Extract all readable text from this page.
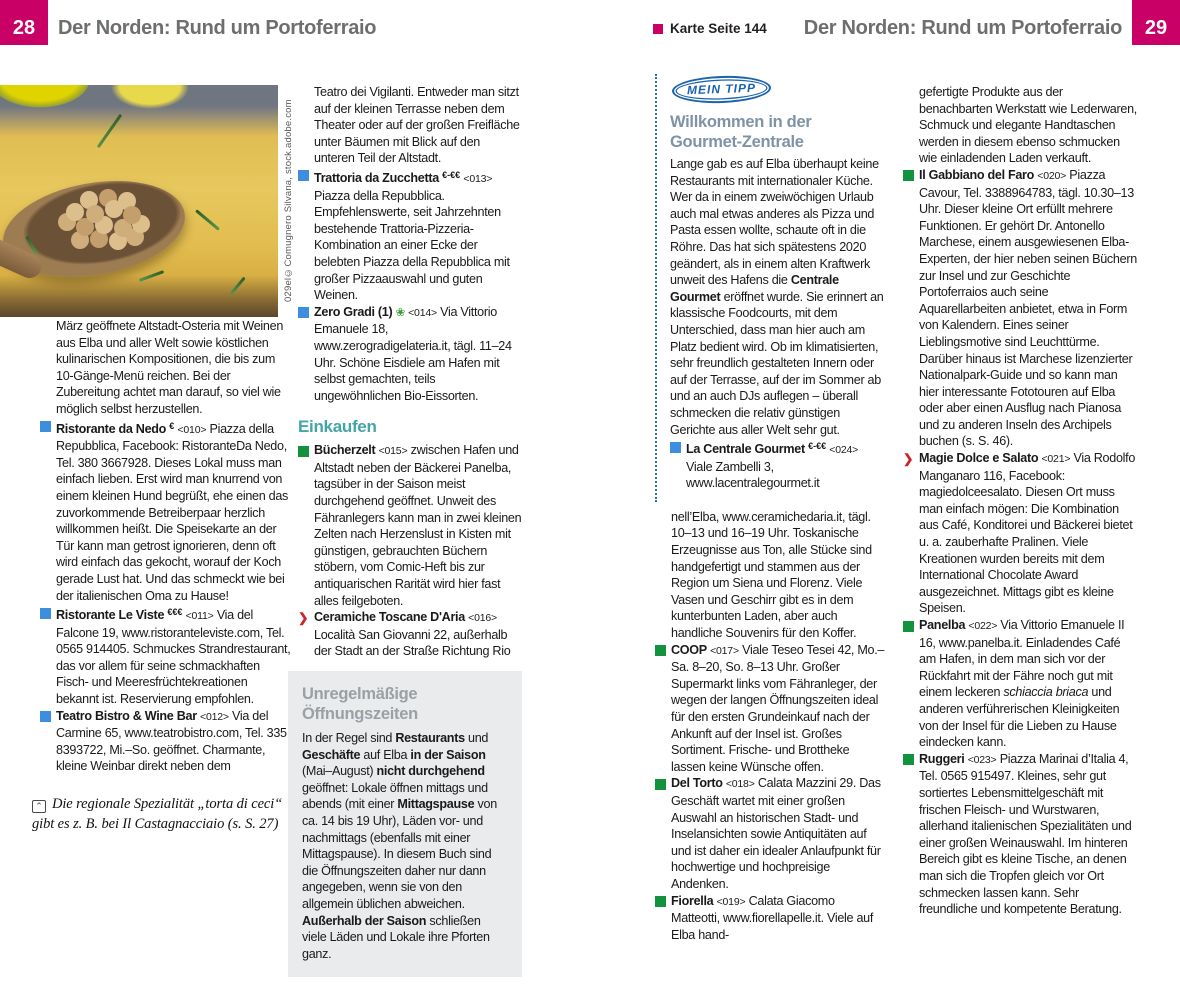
28	Der Norden: Rund um Portoferraio	Karte Seite 144 Der Norden: Rund um Portoferraio	29
029el©Comugnero Silvana, stock.adobe.com

März geöffnete Altstadt-Osteria mit Weinen aus Elba und aller Welt sowie köstlichen kulinarischen Kompositionen, die bis zum 10-Gänge-Menü reichen. Bei der Zubereitung achtet man darauf, so viel wie möglich selbst herzustellen.

Ristorante da Nedo € <010> Piazza della Repubblica, Facebook: RistoranteDa Nedo, Tel. 380 3667928. Dieses Lokal muss man einfach lieben. Erst wird man knurrend von einem kleinen Hund begrüßt, ehe einen das zuvorkommende Betreiberpaar herzlich willkommen heißt. Die Speisekarte an der Tür kann man getrost ignorieren, denn oft wird einfach das gekocht, worauf der Koch gerade Lust hat. Und das schmeckt wie bei der italienischen Oma zu Hause!

Ristorante Le Viste €€€ <011> Via del Falcone 19, www.ristoranteleviste.com, Tel. 0565 914405. Schmuckes Strandrestaurant, das vor allem für seine schmackhaften Fisch- und Meeresfrüchtekreationen bekannt ist. Reservierung empfohlen.

Teatro Bistro & Wine Bar <012> Via del Carmine 65, www.teatrobistro.com, Tel. 335 8393722, Mi.–So. geöffnet. Charmante, kleine Weinbar direkt neben dem

⌃ Die regionale Spezialität „torta di ceci“ gibt es z. B. bei Il Castagnacciaio (s. S. 27)

Teatro dei Vigilanti. Entweder man sitzt auf der kleinen Terrasse neben dem Theater oder auf der großen Freifläche unter Bäumen mit Blick auf den unteren Teil der Altstadt.

Trattoria da Zucchetta €-€€ <013> Piazza della Repubblica. Empfehlenswerte, seit Jahrzehnten bestehende Trattoria-Pizzeria-Kombination an einer Ecke der belebten Piazza della Repubblica mit großer Pizzaauswahl und guten Weinen.

Zero Gradi (1) ❀ <014> Via Vittorio Emanuele 18, www.zerogradigelateria.it, tägl. 11–24 Uhr. Schöne Eisdiele am Hafen mit selbst gemachten, teils ungewöhnlichen Bio-Eissorten.

Einkaufen

Bücherzelt <015> zwischen Hafen und Altstadt neben der Bäckerei Panelba, tagsüber in der Saison meist durchgehend geöffnet. Unweit des Fähranlegers kann man in zwei kleinen Zelten nach Herzenslust in Kisten mit günstigen, gebrauchten Büchern stöbern, vom Comic-Heft bis zur antiquarischen Rarität wird hier fast alles feilgeboten.

❯ Ceramiche Toscane D'Aria <016> Località San Giovanni 22, außerhalb der Stadt an der Straße Richtung Rio

Unregelmäßige Öffnungszeiten

In der Regel sind Restaurants und Geschäfte auf Elba in der Saison (Mai–August) nicht durchgehend geöffnet: Lokale öffnen mittags und abends (mit einer Mittagspause von ca. 14 bis 19 Uhr), Läden vor- und nachmittags (ebenfalls mit einer Mittagspause). In diesem Buch sind die Öffnungszeiten daher nur dann angegeben, wenn sie von den allgemein üblichen abweichen. Außerhalb der Saison schließen viele Läden und Lokale ihre Pforten ganz.

MEIN TIPP
Willkommen in der Gourmet-Zentrale

Lange gab es auf Elba überhaupt keine Restaurants mit internationaler Küche. Wer da in einem zweiwöchigen Urlaub auch mal etwas anderes als Pizza und Pasta essen wollte, schaute oft in die Röhre. Das hat sich spätestens 2020 geändert, als in einem alten Kraftwerk unweit des Hafens die Centrale Gourmet eröffnet wurde. Sie erinnert an klassische Foodcourts, mit dem Unterschied, dass man hier auch am Platz bedient wird. Ob im klimatisierten, sehr freundlich gestalteten Innern oder auf der Terrasse, auf der im Sommer ab und an auch DJs auflegen – überall schmecken die relativ günstigen Gerichte aus aller Welt sehr gut.

La Centrale Gourmet €-€€ <024> Viale Zambelli 3, www.lacentralegourmet.it

nell’Elba, www.ceramichedaria.it, tägl. 10–13 und 16–19 Uhr. Toskanische Erzeugnisse aus Ton, alle Stücke sind handgefertigt und stammen aus der Region um Siena und Florenz. Viele Vasen und Geschirr gibt es in dem kunterbunten Laden, aber auch handliche Souvenirs für den Koffer.

COOP <017> Viale Teseo Tesei 42, Mo.–Sa. 8–20, So. 8–13 Uhr. Großer Supermarkt links vom Fähranleger, der wegen der langen Öffnungszeiten ideal für den ersten Grundeinkauf nach der Ankunft auf der Insel ist. Großes Sortiment. Frische- und Brottheke lassen keine Wünsche offen.

Del Torto <018> Calata Mazzini 29. Das Geschäft wartet mit einer großen Auswahl an historischen Stadt- und Inselansichten sowie Antiquitäten auf und ist daher ein idealer Anlaufpunkt für hochwertige und hochpreisige Andenken.

Fiorella <019> Calata Giacomo Matteotti, www.fiorellapelle.it. Viele auf Elba hand-

gefertigte Produkte aus der benachbarten Werkstatt wie Lederwaren, Schmuck und elegante Handtaschen werden in diesem ebenso schmucken wie einladenden Laden verkauft.

Il Gabbiano del Faro <020> Piazza Cavour, Tel. 3388964783, tägl. 10.30–13 Uhr. Dieser kleine Ort erfüllt mehrere Funktionen. Er gehört Dr. Antonello Marchese, einem ausgewiesenen Elba-Experten, der hier neben seinen Büchern zur Insel und zur Geschichte Portoferraios auch seine Aquarellarbeiten anbietet, etwa in Form von Kalendern. Eines seiner Lieblingsmotive sind Leuchttürme. Darüber hinaus ist Marchese lizenzierter Nationalpark-Guide und so kann man hier interessante Fototouren auf Elba oder aber einen Ausflug nach Pianosa und zu anderen Inseln des Archipels buchen (s. S. 46).

❯ Magie Dolce e Salato <021> Via Rodolfo Manganaro 116, Facebook: magiedolceesalato. Diesen Ort muss man einfach mögen: Die Kombination aus Café, Konditorei und Bäckerei bietet u. a. zauberhafte Pralinen. Viele Kreationen wurden bereits mit dem International Chocolate Award ausgezeichnet. Mittags gibt es kleine Speisen.

Panelba <022> Via Vittorio Emanuele II 16, www.panelba.it. Einladendes Café am Hafen, in dem man sich vor der Rückfahrt mit der Fähre noch gut mit einem leckeren schiaccia briaca und anderen verführerischen Kleinigkeiten von der Insel für die Lieben zu Hause eindecken kann.

Ruggeri <023> Piazza Marinai d’Italia 4, Tel. 0565 915497. Kleines, sehr gut sortiertes Lebensmittelgeschäft mit frischen Fleisch- und Wurstwaren, allerhand italienischen Spezialitäten und einer großen Weinauswahl. Im hinteren Bereich gibt es kleine Tische, an denen man sich die Tropfen gleich vor Ort schmecken lassen kann. Sehr freundliche und kompetente Beratung.
